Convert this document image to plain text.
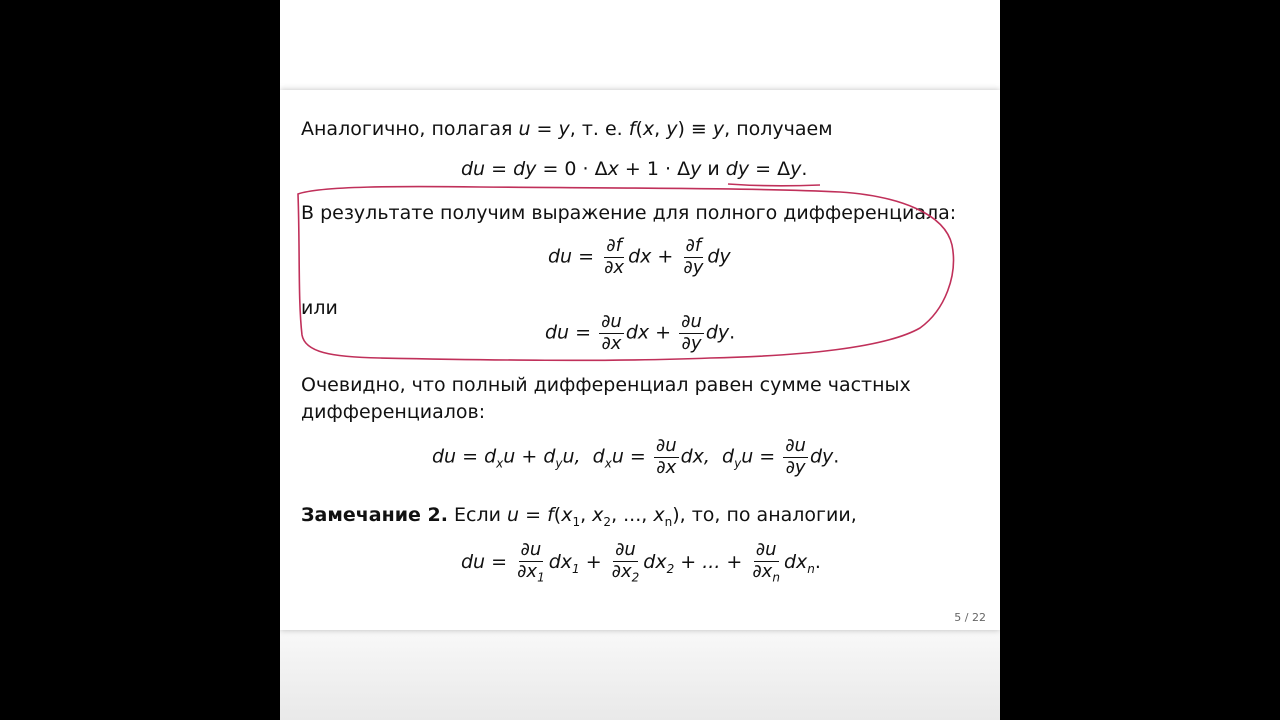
Аналогично, полагая u = y, т. е. f(x, y) ≡ y, получаем
du = dy = 0 · Δx + 1 · Δy и dy = Δy.
В результате получим выражение для полного дифференциала:
du = $\frac{\partial f}{\partial x}$ dx + $\frac{\partial f}{\partial y}$ dy
или
du = $\frac{\partial u}{\partial x}$ dx + $\frac{\partial u}{\partial y}$ dy.
Очевидно, что полный дифференциал равен сумме частных
дифференциалов:
du = $d_xu + d_yu$,  $d_xu = \frac{\partial u}{\partial x}$ dx,  $d_yu = \frac{\partial u}{\partial y}$ dy.
Замечание 2. Если $u = f(x_1$, $x_2$, ..., $x_n$), то, по аналогии,
du = $\frac{\partial u}{\partial x_1} dx_1 + \frac{\partial u}{\partial x_2} dx_2$ + ... + $\frac{\partial u}{\partial x_n} dx_n$.
5 / 22
